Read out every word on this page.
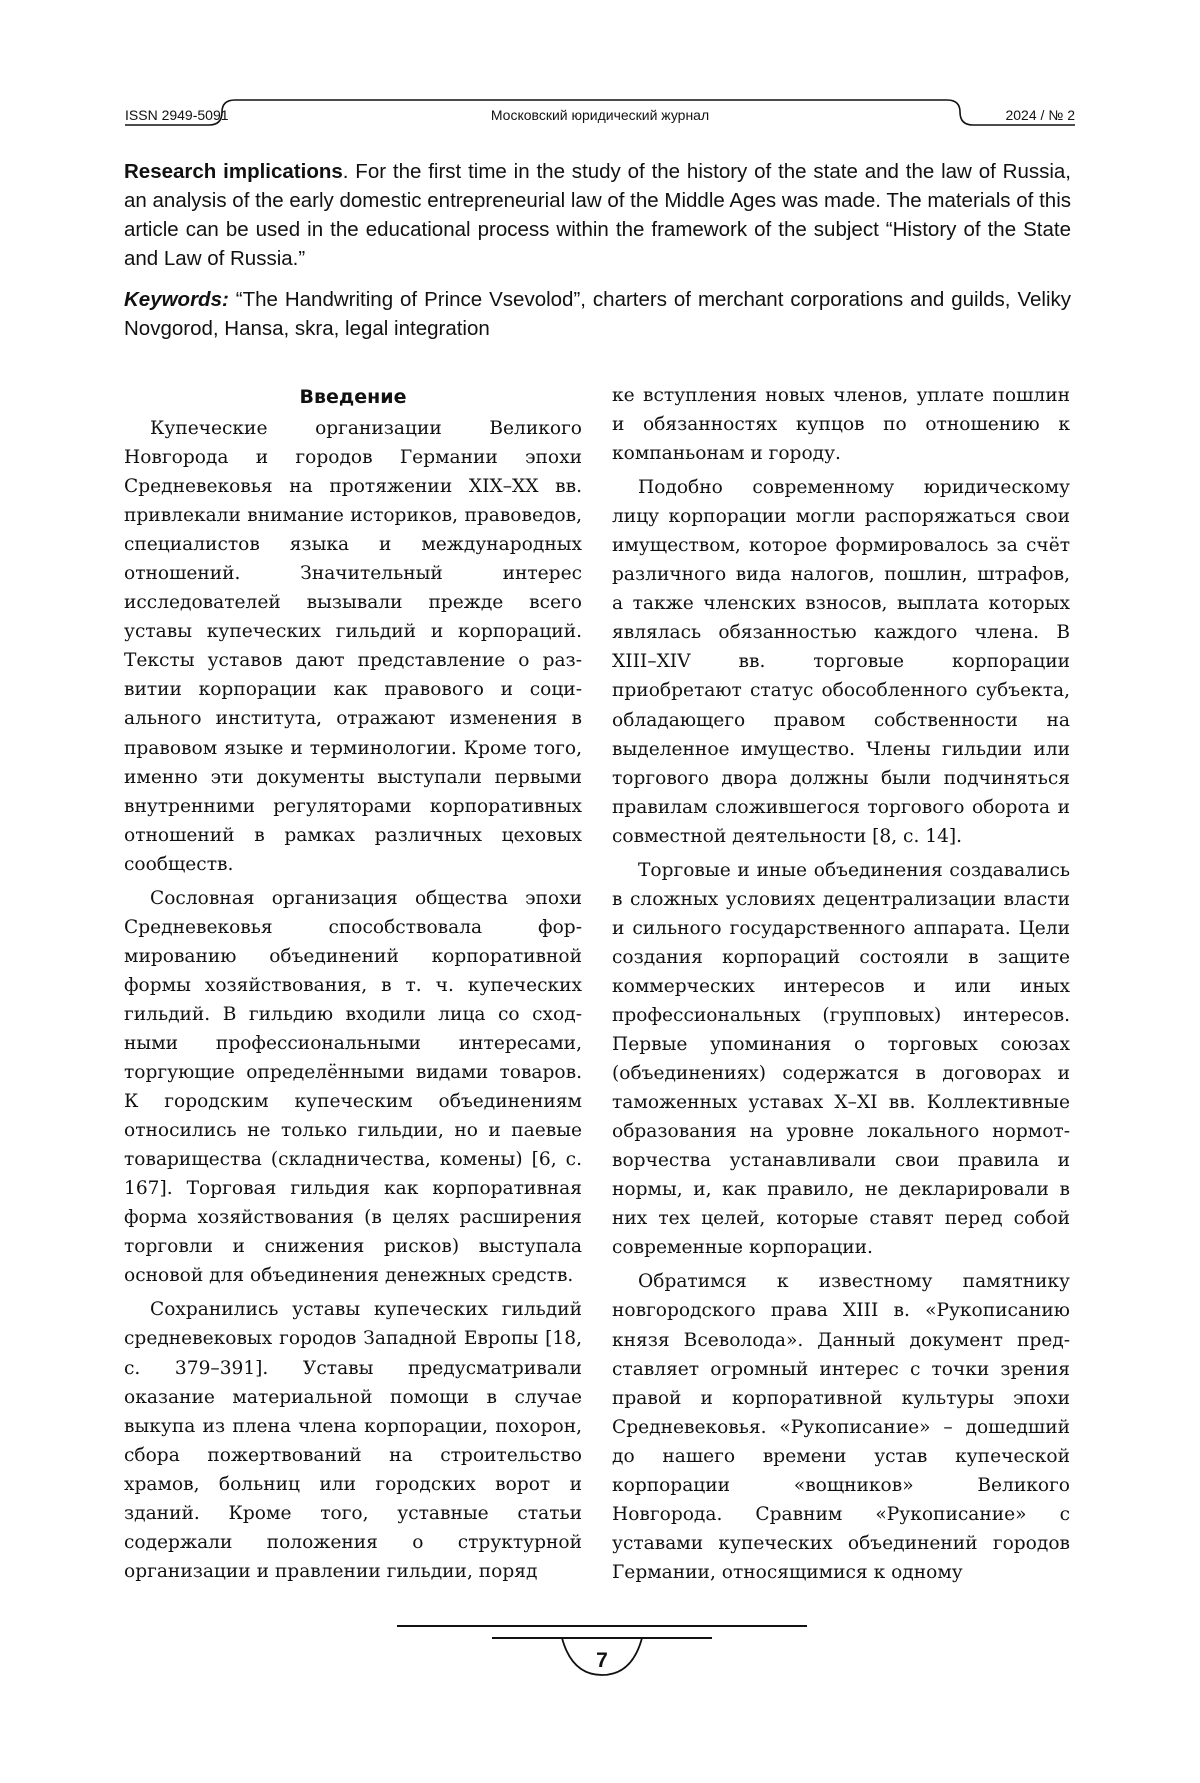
ISSN 2949-5091	Московский юридический журнал	2024 / № 2

Research implications. For the first time in the study of the history of the state and the law of Russia, an analysis of the early domestic entrepreneurial law of the Middle Ages was made. The materials of this article can be used in the educational process within the framework of the subject “History of the State and Law of Russia.”

Keywords: “The Handwriting of Prince Vsevolod”, charters of merchant corporations and guilds, Veliky Novgorod, Hansa, skra, legal integration

Введение

Купеческие организации Великого Новгорода и городов Германии эпохи Средневековья на протяжении XIX–XX вв. привлекали внимание историков, правоведов, специалистов языка и международных отношений. Значительный интерес исследователей вызывали прежде всего уставы купеческих гильдий и корпораций. Тексты уставов дают представление о развитии корпорации как правового и социального института, отражают изменения в правовом языке и терминологии. Кроме того, именно эти документы выступали первыми внутренними регуляторами корпоративных отношений в рамках различных цеховых сообществ.

Сословная организация общества эпохи Средневековья способствовала формированию объединений корпоративной формы хозяйствования, в т. ч. купеческих гильдий. В гильдию входили лица со сходными профессиональными интересами, торгующие определёнными видами товаров. К городским купеческим объединениям относились не только гильдии, но и паевые товарищества (складничества, комены) [6, с. 167]. Торговая гильдия как корпоративная форма хозяйствования (в целях расширения торговли и снижения рисков) выступала основой для объединения денежных средств.

Сохранились уставы купеческих гильдий средневековых городов Западной Европы [18, с. 379–391]. Уставы предусматривали оказание материальной помощи в случае выкупа из плена члена корпорации, похорон, сбора пожертвований на строительство храмов, больниц или городских ворот и зданий. Кроме того, уставные статьи содержали положения о структурной организации и правлении гильдии, поряд

ке вступления новых членов, уплате пошлин и обязанностях купцов по отношению к компаньонам и городу.

Подобно современному юридическому лицу корпорации могли распоряжаться свои имуществом, которое формировалось за счёт различного вида налогов, пошлин, штрафов, а также членских взносов, выплата которых являлась обязанностью каждого члена. В XIII–XIV вв. торговые корпорации приобретают статус обособленного субъекта, обладающего правом собственности на выделенное имущество. Члены гильдии или торгового двора должны были подчиняться правилам сложившегося торгового оборота и совместной деятельности [8, с. 14].

Торговые и иные объединения создавались в сложных условиях децентрализации власти и сильного государственного аппарата. Цели создания корпораций состояли в защите коммерческих интересов и или иных профессиональных (групповых) интересов. Первые упоминания о торговых союзах (объединениях) содержатся в договорах и таможенных уставах X–XI вв. Коллективные образования на уровне локального нормотворчества устанавливали свои правила и нормы, и, как правило, не декларировали в них тех целей, которые ставят перед собой современные корпорации.

Обратимся к известному памятнику новгородского права XIII в. «Рукописанию князя Всеволода». Данный документ представляет огромный интерес с точки зрения правой и корпоративной культуры эпохи Средневековья. «Рукописание» – дошедший до нашего времени устав купеческой корпорации «вощников» Великого Новгорода. Сравним «Рукописание» с уставами купеческих объединений городов Германии, относящимися к одному

7
